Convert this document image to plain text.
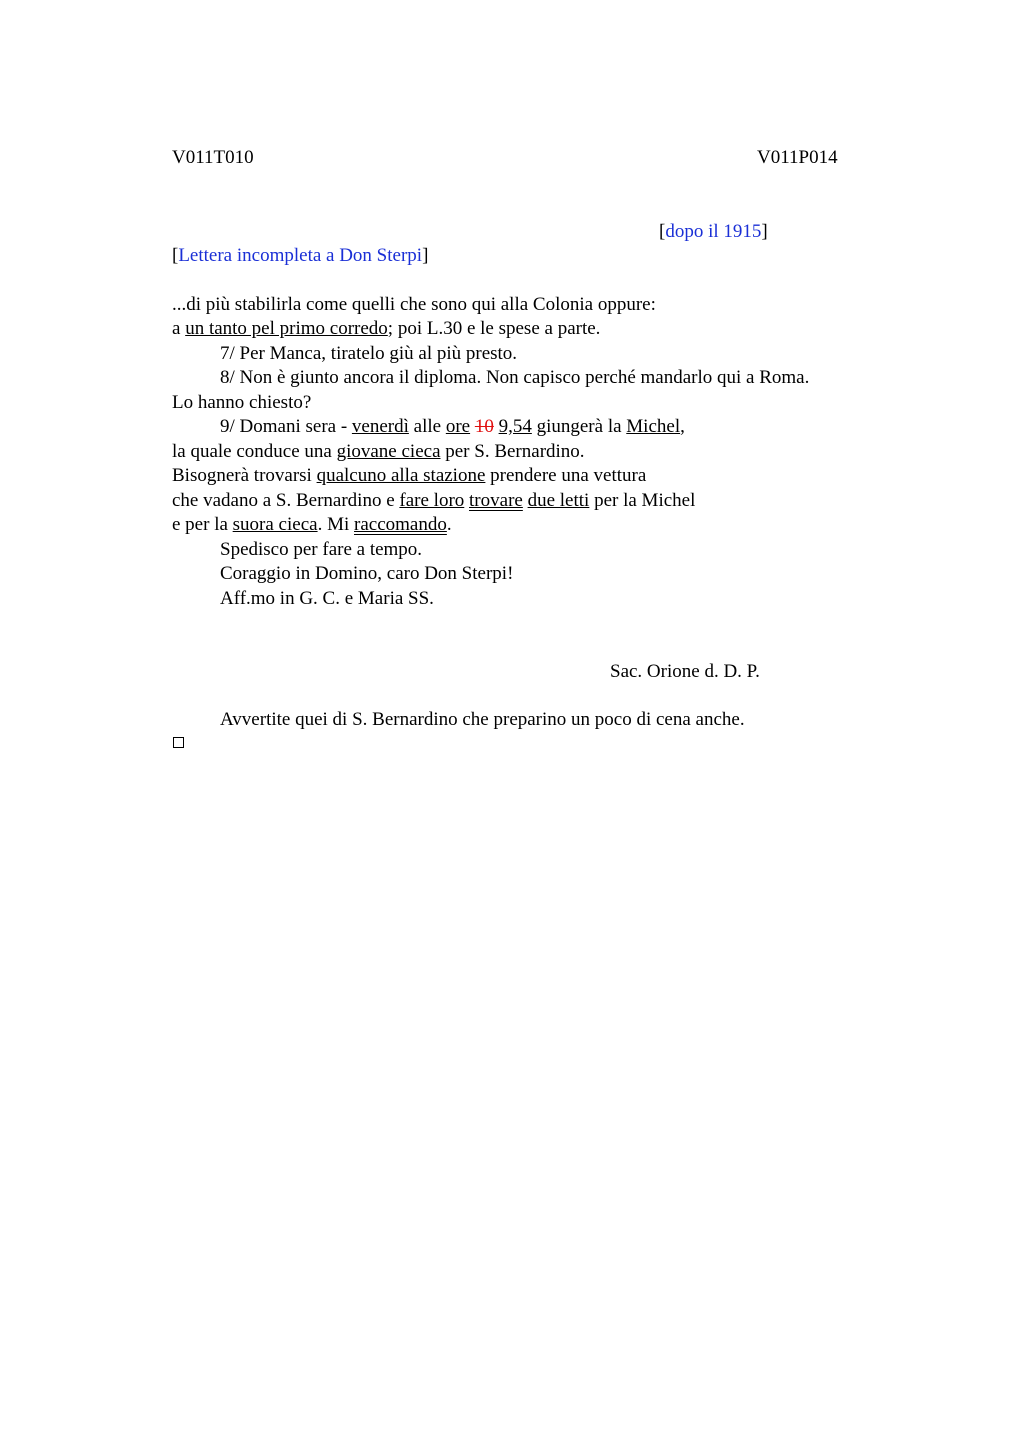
V011T010	V011P014
[dopo il 1915]
[Lettera incompleta a Don Sterpi]
...di più stabilirla come quelli che sono qui alla Colonia oppure:
a un tanto pel primo corredo; poi L.30 e le spese a parte.
7/ Per Manca, tiratelo giù al più presto.
8/ Non è giunto ancora il diploma. Non capisco perché mandarlo qui a Roma.
Lo hanno chiesto?
9/ Domani sera - venerdì alle ore 10 9,54 giungerà la Michel,
la quale conduce una giovane cieca per S. Bernardino.
Bisognerà trovarsi qualcuno alla stazione prendere una vettura
che vadano a S. Bernardino e fare loro trovare due letti per la Michel
e per la suora cieca. Mi raccomando.
Spedisco per fare a tempo.
Coraggio in Domino, caro Don Sterpi!
Aff.mo in G. C. e Maria SS.
Sac. Orione d. D. P.
Avvertite quei di S. Bernardino che preparino un poco di cena anche.
